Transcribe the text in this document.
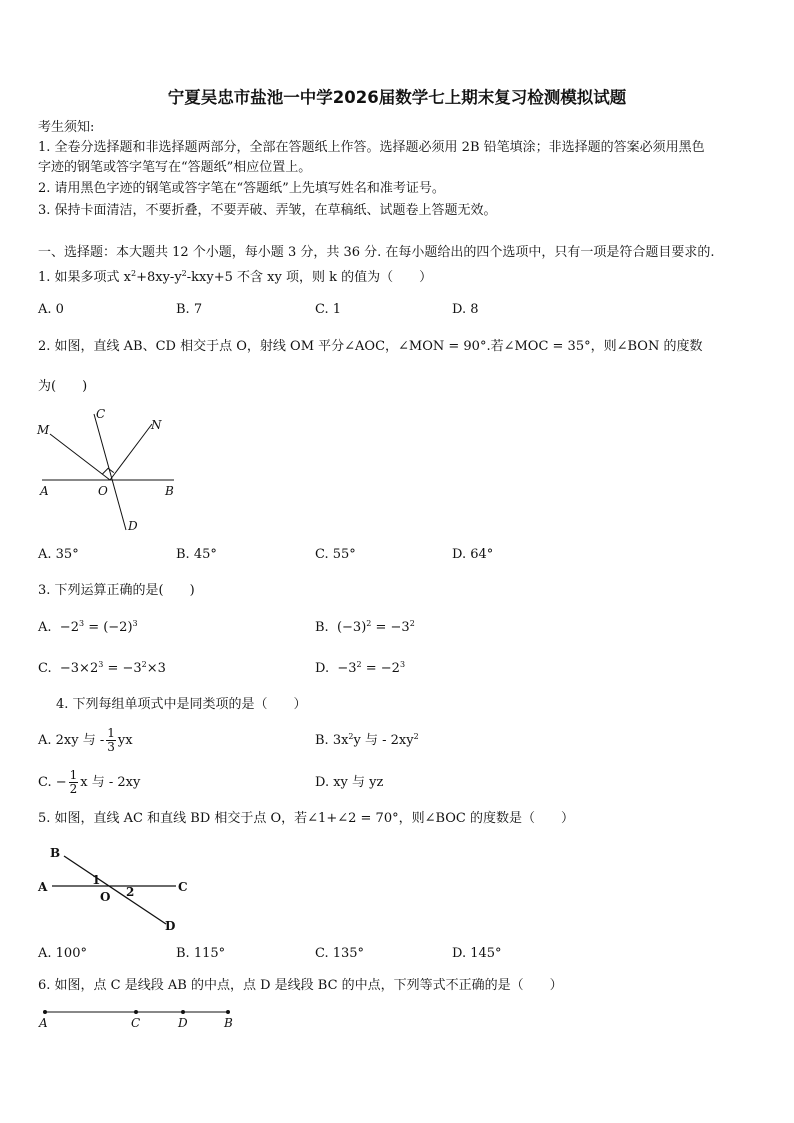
宁夏吴忠市盐池一中学2026届数学七上期末复习检测模拟试题
考生须知:
1. 全卷分选择题和非选择题两部分，全部在答题纸上作答。选择题必须用 2B 铅笔填涂；非选择题的答案必须用黑色
字迹的钢笔或答字笔写在“答题纸”相应位置上。
2. 请用黑色字迹的钢笔或答字笔在“答题纸”上先填写姓名和准考证号。
3. 保持卡面清洁，不要折叠，不要弄破、弄皱，在草稿纸、试题卷上答题无效。
一、选择题：本大题共 12 个小题，每小题 3 分，共 36 分. 在每小题给出的四个选项中，只有一项是符合题目要求的.
1. 如果多项式 $x^2+8xy-y^2-kxy+5$ 不含 xy 项，则 k 的值为（　　）
A. 0	B. 7	C. 1	D. 8
2. 如图，直线 AB、CD 相交于点 O，射线 OM 平分∠AOC，∠MON = 90°.若∠MOC = 35°，则∠BON 的度数
为(　　)
M
C
N
A	O	B
D
A. 35°	B. 45°	C. 55°	D. 64°
3. 下列运算正确的是(　　)
A. $-2^3 = (-2)^3$	B. $(-3)^2 = -3^2$
C. $-3\times 2^3 = -3^2\times 3$	D. $-3^2 = -2^3$
4. 下列每组单项式中是同类项的是（　　）
A. 2xy 与 - $\frac{1}{3}$ yx	B. $3x^2y$ 与 - $2xy^2$
C. − $\frac{1}{2}$ x 与 - 2xy	D. xy 与 yz
5. 如图，直线 AC 和直线 BD 相交于点 O，若∠1+∠2 = 70°，则∠BOC 的度数是（　　）
B
A	1
2
O
C
D
A. 100°	B. 115°	C. 135°	D. 145°
6. 如图，点 C 是线段 AB 的中点，点 D 是线段 BC 的中点，下列等式不正确的是（　　）
A	C	D	B
